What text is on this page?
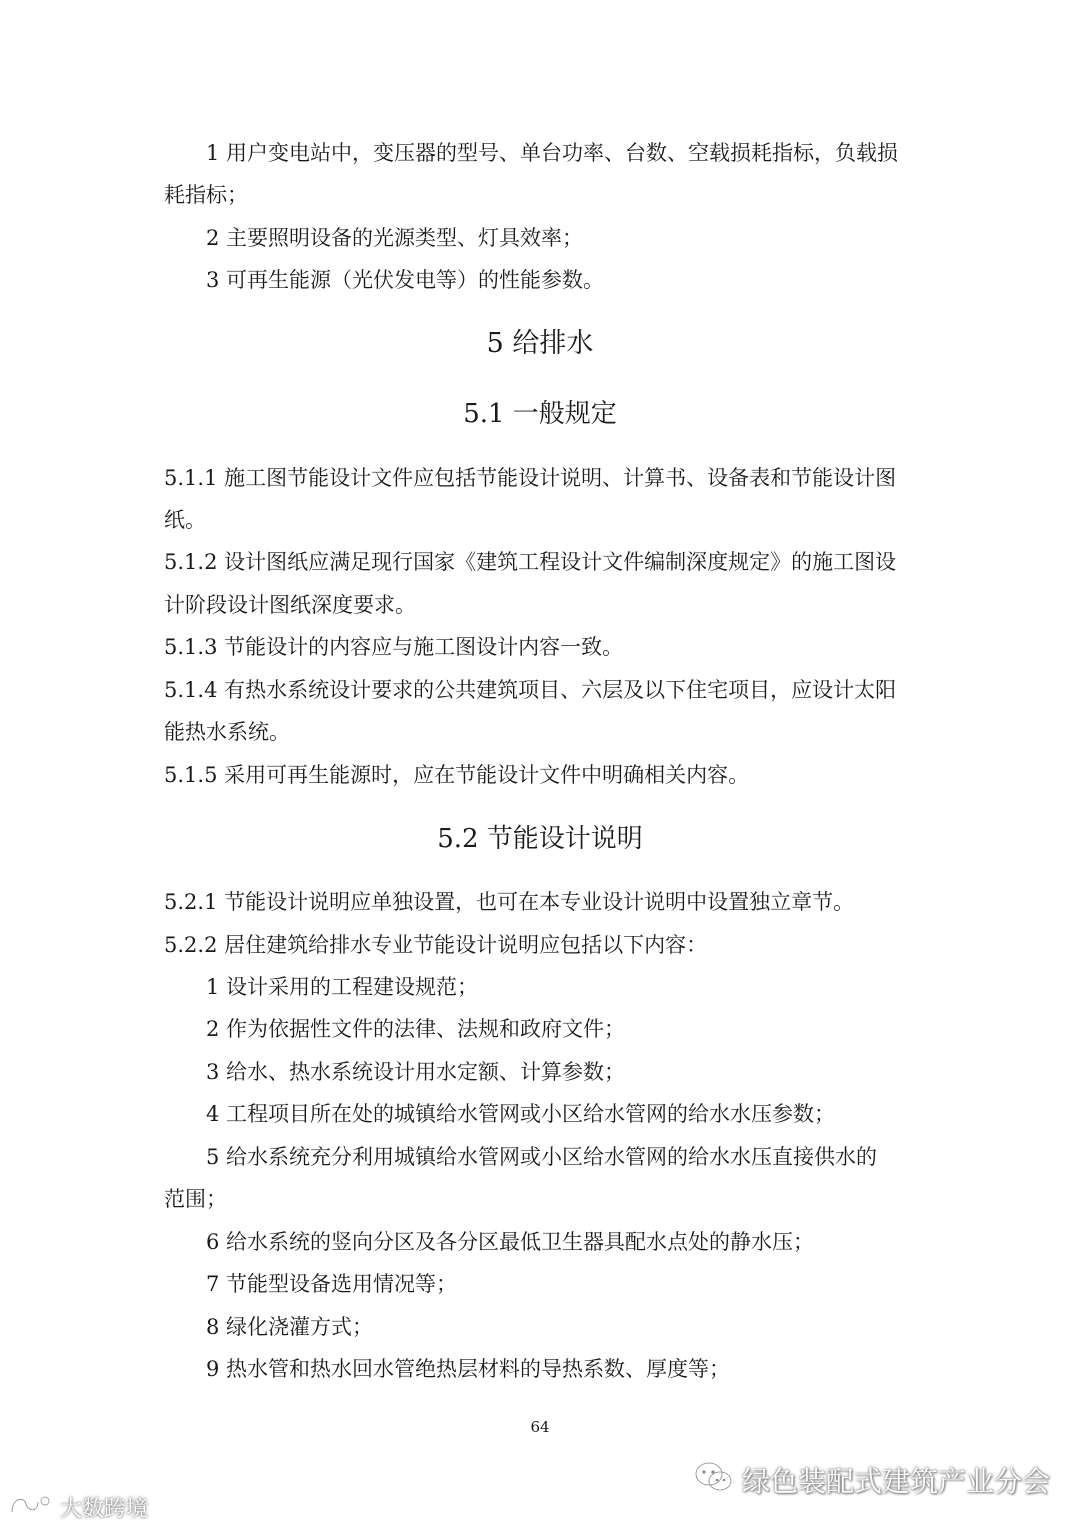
1 用户变电站中，变压器的型号、单台功率、台数、空载损耗指标，负载损
耗指标；
2 主要照明设备的光源类型、灯具效率；
3 可再生能源（光伏发电等）的性能参数。
5 给排水
5.1 一般规定
5.1.1 施工图节能设计文件应包括节能设计说明、计算书、设备表和节能设计图
纸。
5.1.2 设计图纸应满足现行国家《建筑工程设计文件编制深度规定》的施工图设
计阶段设计图纸深度要求。
5.1.3 节能设计的内容应与施工图设计内容一致。
5.1.4 有热水系统设计要求的公共建筑项目、六层及以下住宅项目，应设计太阳
能热水系统。
5.1.5 采用可再生能源时，应在节能设计文件中明确相关内容。
5.2 节能设计说明
5.2.1 节能设计说明应单独设置，也可在本专业设计说明中设置独立章节。
5.2.2 居住建筑给排水专业节能设计说明应包括以下内容：
1 设计采用的工程建设规范；
2 作为依据性文件的法律、法规和政府文件；
3 给水、热水系统设计用水定额、计算参数；
4 工程项目所在处的城镇给水管网或小区给水管网的给水水压参数；
5 给水系统充分利用城镇给水管网或小区给水管网的给水水压直接供水的
范围；
6 给水系统的竖向分区及各分区最低卫生器具配水点处的静水压；
7 节能型设备选用情况等；
8 绿化浇灌方式；
9 热水管和热水回水管绝热层材料的导热系数、厚度等；
64
绿色装配式建筑产业分会
大数跨境
